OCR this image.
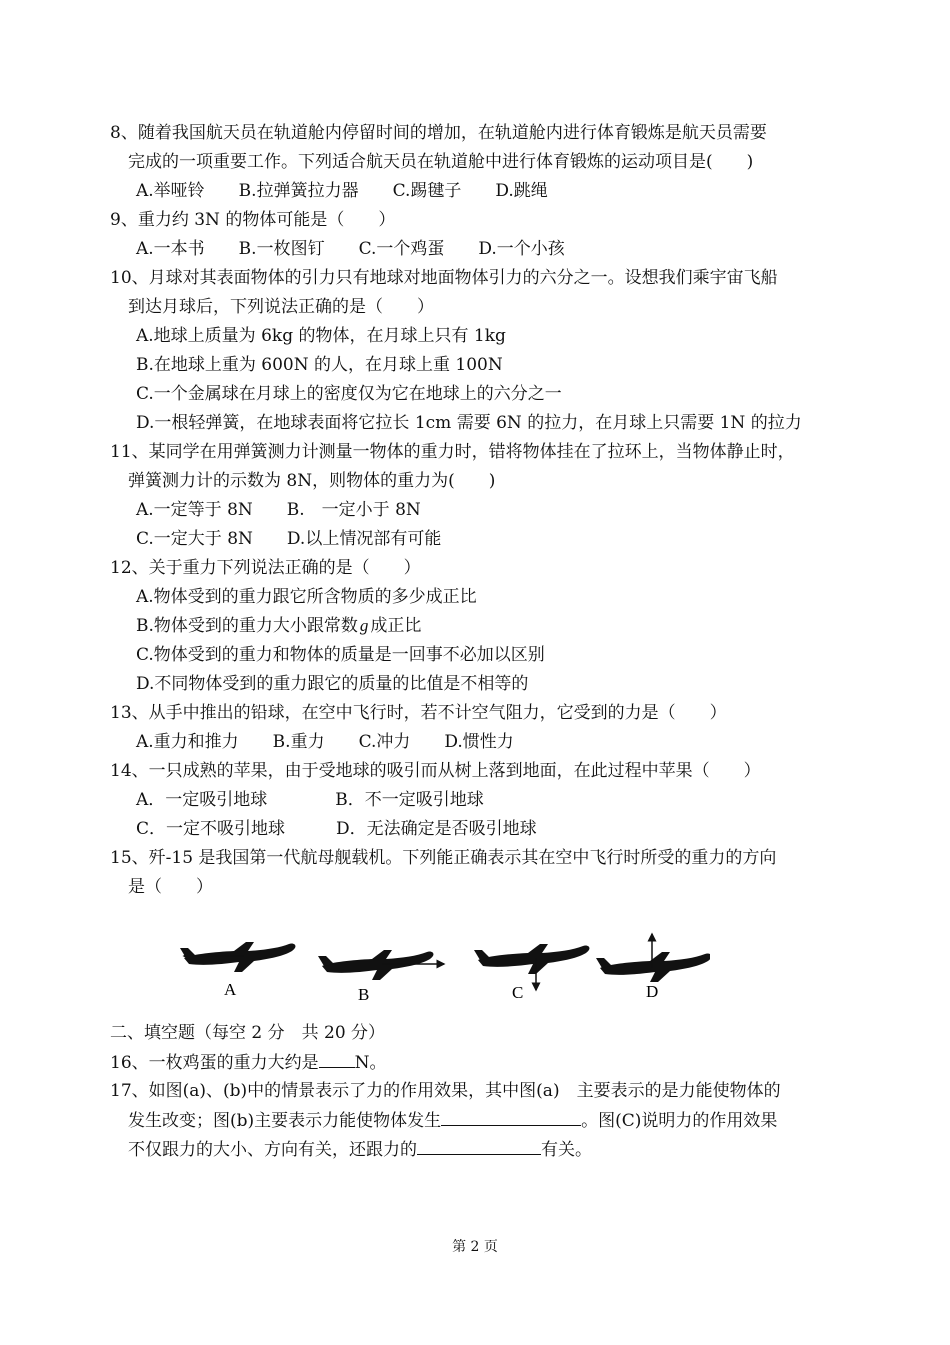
8、随着我国航天员在轨道舱内停留时间的增加，在轨道舱内进行体育锻炼是航天员需要
完成的一项重要工作。下列适合航天员在轨道舱中进行体育锻炼的运动项目是(　　)
A.举哑铃　　B.拉弹簧拉力器　　C.踢毽子　　D.跳绳
9、重力约 3N 的物体可能是（　　）
A.一本书　　B.一枚图钉　　C.一个鸡蛋　　D.一个小孩
10、月球对其表面物体的引力只有地球对地面物体引力的六分之一。设想我们乘宇宙飞船
到达月球后，下列说法正确的是（　　）
A.地球上质量为 6kg 的物体，在月球上只有 1kg
B.在地球上重为 600N 的人，在月球上重 100N
C.一个金属球在月球上的密度仅为它在地球上的六分之一
D.一根轻弹簧，在地球表面将它拉长 1cm 需要 6N 的拉力，在月球上只需要 1N 的拉力
11、某同学在用弹簧测力计测量一物体的重力时，错将物体挂在了拉环上，当物体静止时，
弹簧测力计的示数为 8N，则物体的重力为(　　)
A.一定等于 8N　　B.　一定小于 8N
C.一定大于 8N　　D.以上情况部有可能
12、关于重力下列说法正确的是（　　）
A.物体受到的重力跟它所含物质的多少成正比
B.物体受到的重力大小跟常数 g 成正比
C.物体受到的重力和物体的质量是一回事不必加以区别
D.不同物体受到的重力跟它的质量的比值是不相等的
13、从手中推出的铅球，在空中飞行时，若不计空气阻力，它受到的力是（　　）
A.重力和推力　　B.重力　　C.冲力　　D.惯性力
14、一只成熟的苹果，由于受地球的吸引而从树上落到地面，在此过程中苹果（　　）
A．一定吸引地球　　　　B．不一定吸引地球
C．一定不吸引地球　　　D．无法确定是否吸引地球
15、歼-15 是我国第一代航母舰载机。下列能正确表示其在空中飞行时所受的重力的方向
是（　　）
A	B	C	D
二、填空题（每空 2 分　共 20 分）
16、一枚鸡蛋的重力大约是 N。
17、如图(a)、(b)中的情景表示了力的作用效果，其中图(a)　主要表示的是力能使物体的
发生改变；图(b)主要表示力能使物体发生	。图(C)说明力的作用效果
不仅跟力的大小、方向有关，还跟力的	有关。
第 2 页
